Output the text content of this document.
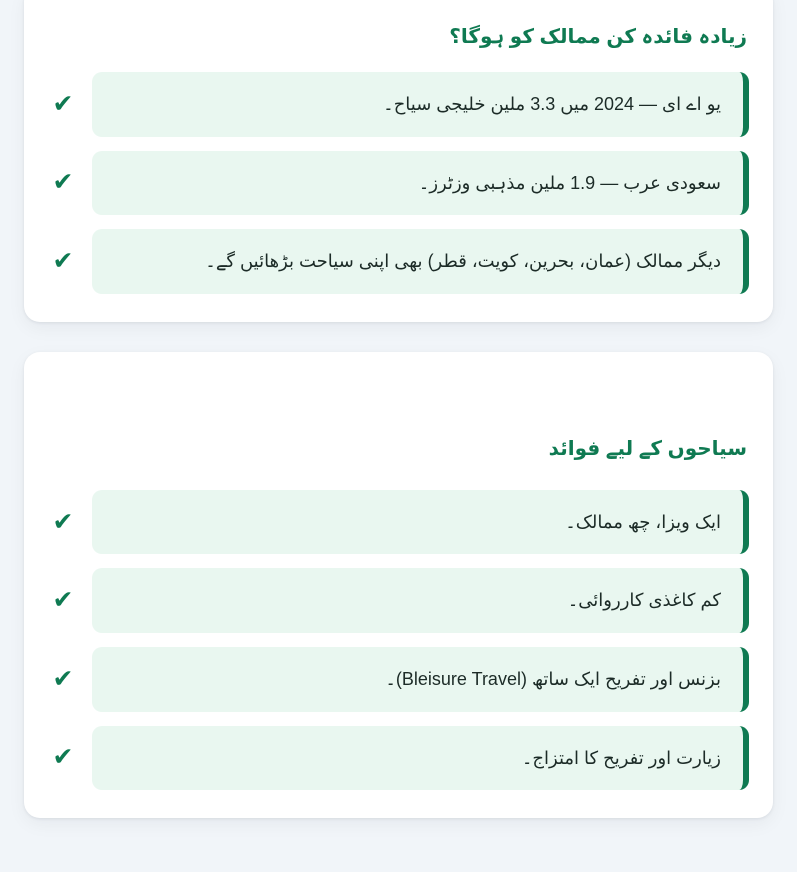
زیادہ فائدہ کن ممالک کو ہوگا؟
✔	یو اے ای — 2024 میں 3.3 ملین خلیجی سیاح۔
✔	سعودی عرب — 1.9 ملین مذہبی وزٹرز۔
✔	دیگر ممالک (عمان، بحرین، کویت، قطر) بھی اپنی سیاحت بڑھائیں گے۔
سیاحوں کے لیے فوائد
✔	ایک ویزا، چھ ممالک۔
✔	کم کاغذی کارروائی۔
✔	بزنس اور تفریح ایک ساتھ (Bleisure Travel)۔
✔	زیارت اور تفریح کا امتزاج۔
